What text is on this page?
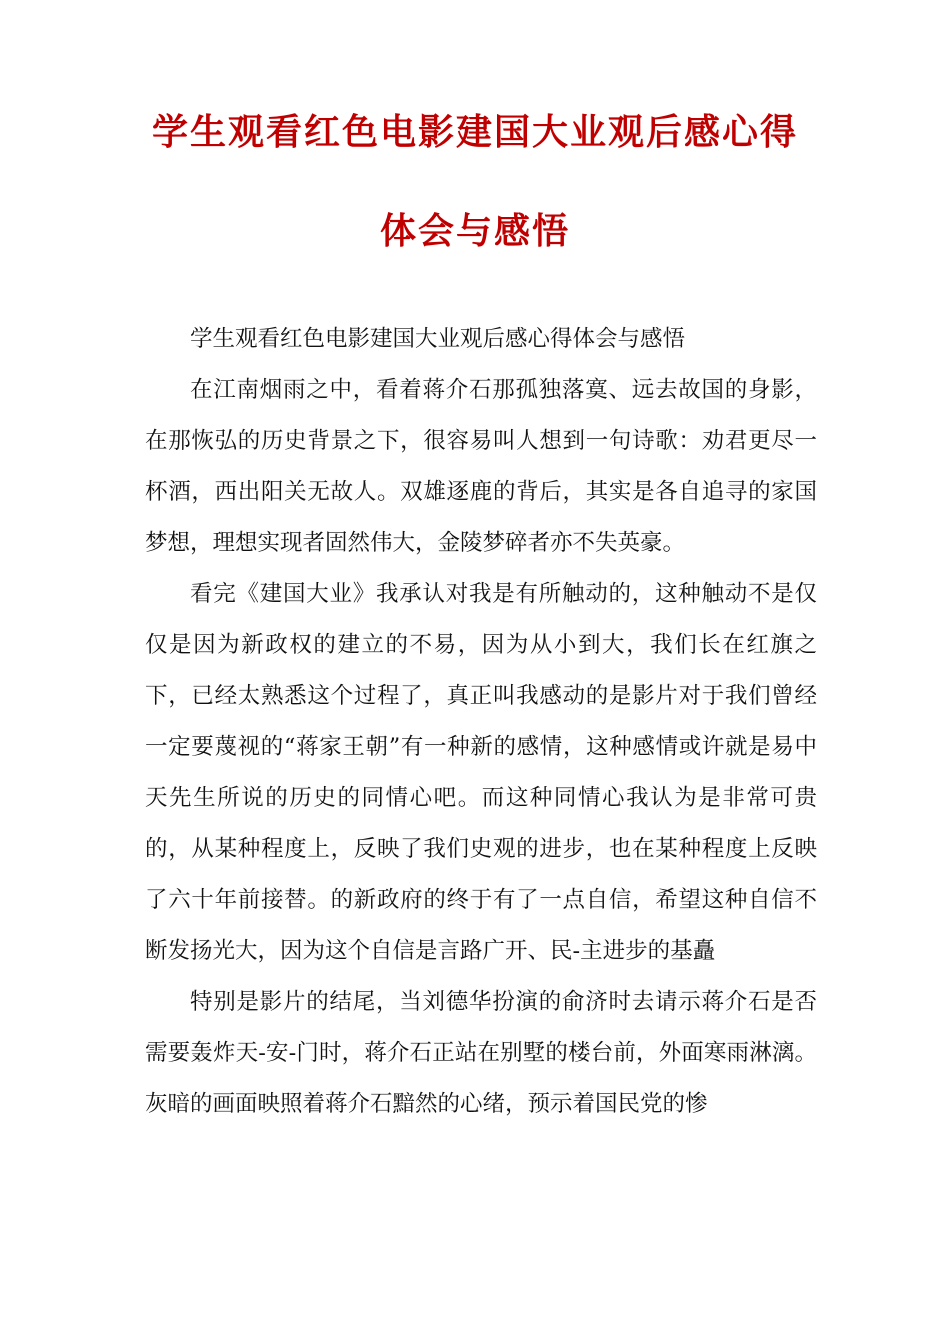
学生观看红色电影建国大业观后感心得
体会与感悟

学生观看红色电影建国大业观后感心得体会与感悟

在江南烟雨之中，看着蒋介石那孤独落寞、远去故国的身影，在那恢弘的历史背景之下，很容易叫人想到一句诗歌：劝君更尽一杯酒，西出阳关无故人。双雄逐鹿的背后，其实是各自追寻的家国梦想，理想实现者固然伟大，金陵梦碎者亦不失英豪。

看完《建国大业》我承认对我是有所触动的，这种触动不是仅仅是因为新政权的建立的不易，因为从小到大，我们长在红旗之下，已经太熟悉这个过程了，真正叫我感动的是影片对于我们曾经一定要蔑视的“蒋家王朝”有一种新的感情，这种感情或许就是易中天先生所说的历史的同情心吧。而这种同情心我认为是非常可贵的，从某种程度上，反映了我们史观的进步，也在某种程度上反映了六十年前接替。的新政府的终于有了一点自信，希望这种自信不断发扬光大，因为这个自信是言路广开、民-主进步的基矗

特别是影片的结尾，当刘德华扮演的俞济时去请示蒋介石是否需要轰炸天-安-门时，蒋介石正站在别墅的楼台前，外面寒雨淋漓。灰暗的画面映照着蒋介石黯然的心绪，预示着国民党的惨
